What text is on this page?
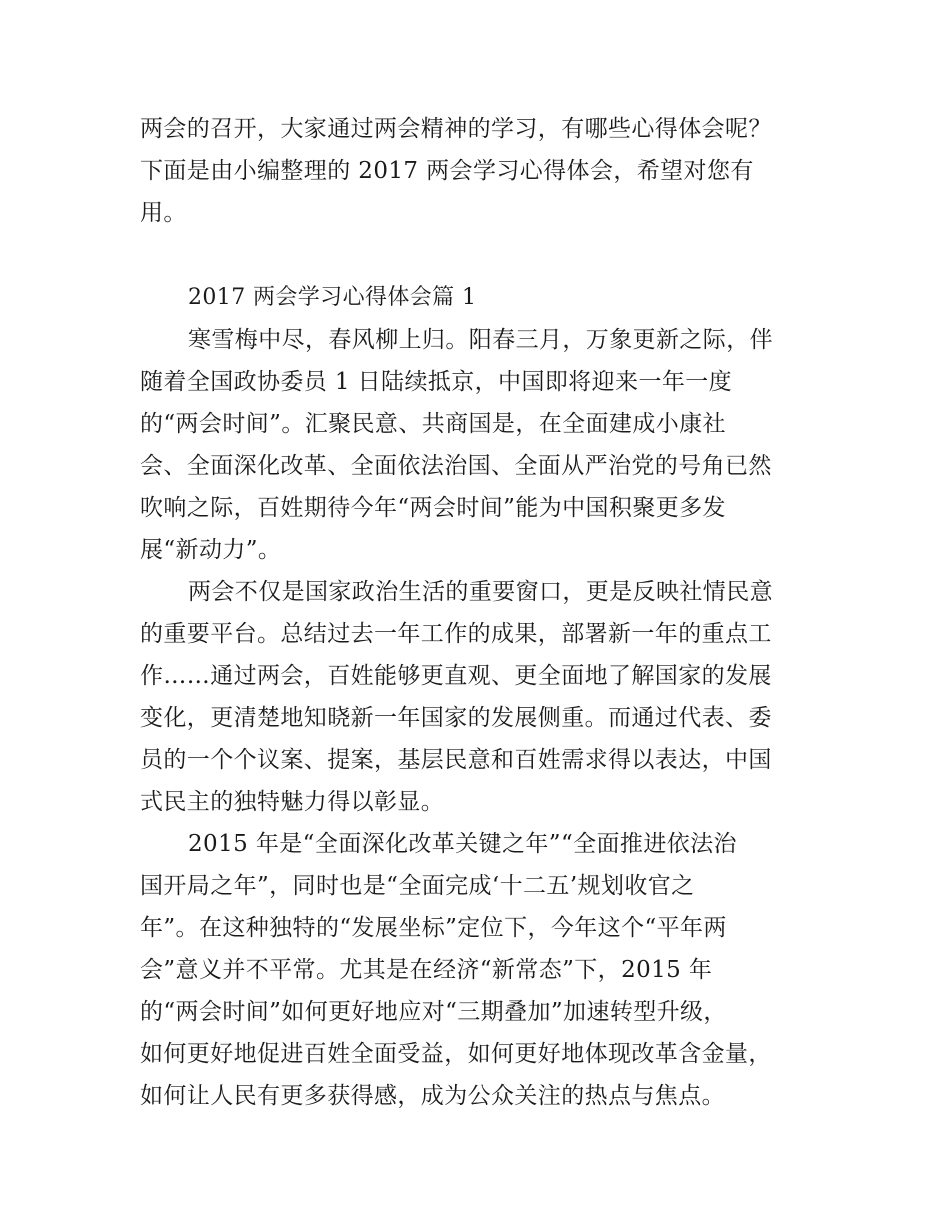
两会的召开，大家通过两会精神的学习，有哪些心得体会呢？
下面是由小编整理的 2017 两会学习心得体会，希望对您有
用。
2017 两会学习心得体会篇 1
寒雪梅中尽，春风柳上归。阳春三月，万象更新之际，伴
随着全国政协委员 1 日陆续抵京，中国即将迎来一年一度
的“两会时间”。汇聚民意、共商国是，在全面建成小康社
会、全面深化改革、全面依法治国、全面从严治党的号角已然
吹响之际，百姓期待今年“两会时间”能为中国积聚更多发
展“新动力”。
两会不仅是国家政治生活的重要窗口，更是反映社情民意
的重要平台。总结过去一年工作的成果，部署新一年的重点工
作……通过两会，百姓能够更直观、更全面地了解国家的发展
变化，更清楚地知晓新一年国家的发展侧重。而通过代表、委
员的一个个议案、提案，基层民意和百姓需求得以表达，中国
式民主的独特魅力得以彰显。
2015 年是“全面深化改革关键之年”“全面推进依法治
国开局之年”，同时也是“全面完成‘十二五’规划收官之
年”。在这种独特的“发展坐标”定位下，今年这个“平年两
会”意义并不平常。尤其是在经济“新常态”下，2015 年
的“两会时间”如何更好地应对“三期叠加”加速转型升级，
如何更好地促进百姓全面受益，如何更好地体现改革含金量，
如何让人民有更多获得感，成为公众关注的热点与焦点。
